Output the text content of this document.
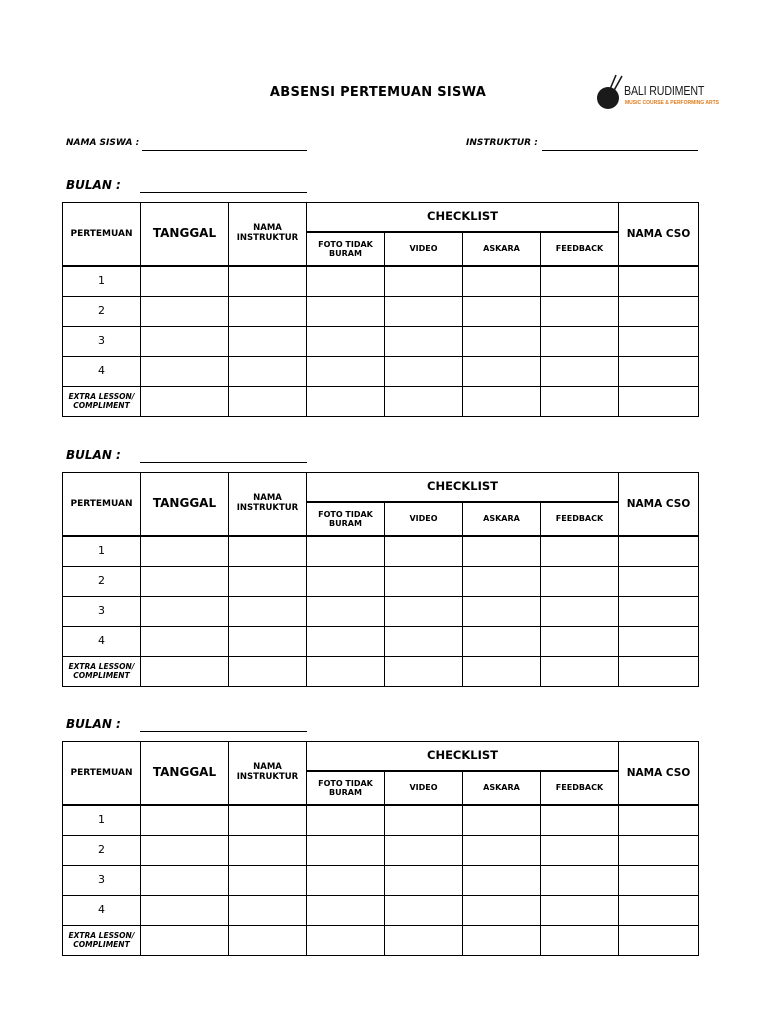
ABSENSI PERTEMUAN SISWA	BALI RUDIMENT
MUSIC COURSE & PERFORMING ARTS
NAMA SISWA :	INSTRUKTUR :
BULAN :
PERTEMUAN	TANGGAL	NAMA INSTRUKTUR	CHECKLIST				NAMA CSO
			FOTO TIDAK BURAM	VIDEO	ASKARA	FEEDBACK	
1							
2							
3							
4							
EXTRA LESSON/ COMPLIMENT							
BULAN :
PERTEMUAN	TANGGAL	NAMA INSTRUKTUR	CHECKLIST				NAMA CSO
			FOTO TIDAK BURAM	VIDEO	ASKARA	FEEDBACK	
1							
2							
3							
4							
EXTRA LESSON/ COMPLIMENT							
BULAN :
PERTEMUAN	TANGGAL	NAMA INSTRUKTUR	CHECKLIST				NAMA CSO
			FOTO TIDAK BURAM	VIDEO	ASKARA	FEEDBACK	
1							
2							
3							
4							
EXTRA LESSON/ COMPLIMENT							
